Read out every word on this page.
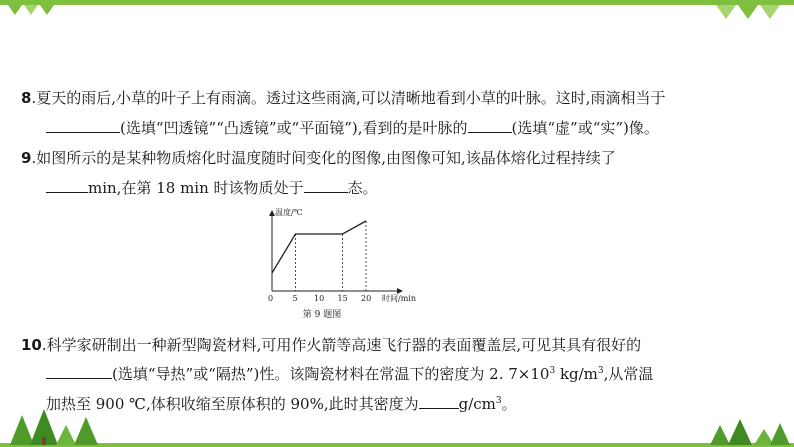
8.夏天的雨后,小草的叶子上有雨滴。透过这些雨滴,可以清晰地看到小草的叶脉。这时,雨滴相当于
(选填“凹透镜”“凸透镜”或“平面镜”),看到的是叶脉的	(选填“虚”或“实”)像。
9.如图所示的是某种物质熔化时温度随时间变化的图像,由图像可知,该晶体熔化过程持续了
min,在第 18 min 时该物质处于	态。
温度/℃
时间/min
0 5 10 15 20
第 9 题图
10.科学家研制出一种新型陶瓷材料,可用作火箭等高速飞行器的表面覆盖层,可见其具有很好的
(选填“导热”或“隔热”)性。该陶瓷材料在常温下的密度为 2. $7\times 10^3$ $kg/m^3$,从常温
加热至 900 ℃,体积收缩至原体积的 90%,此时其密度为	$g/cm^3$。
